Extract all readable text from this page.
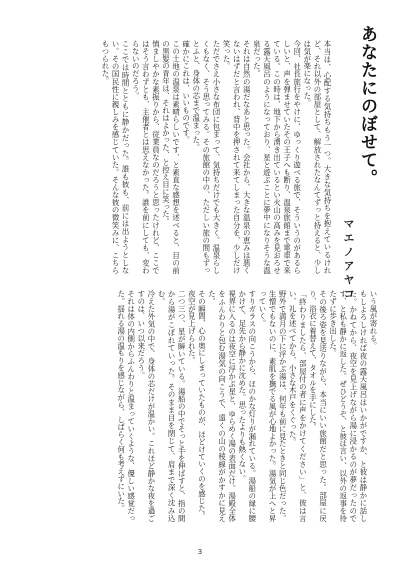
あなたにのぼせて。
マエノアヤコ

本当は、心配する気持ちもう一つ。大きな気持ちを抱えているけれど、それ以外の部屋として、解放されたなんてずっと持えると、少しは気が楽になった。

今回、社長旅行をやけに、ゆっくり遊べる旅で、そういうのがあるらしいと、声を弾ませていたその王子へも断り、温泉旅館まで電車で来ている。この時は、地下から湧き出ているとい火山の高みを見おろせる露天風呂のようになっており、星と遊ぶことに夢中になりそうな温泉だった。

それは自然の湯だなあと思った。会社から、大きな温泉の恵みは悪くないはずだと言われ、背中を押されて来てしまった自分を、少しだけ笑った。

ただでさえ小さな布団に包まって、気持ちだけでも大きく。温泉らしくもなく、そう思ってみる。その旅館の中の、ただしい旅の間もずっとふと、身体の芯まで温まった。

確かにこれは、いいものです。

この土地の温泉は素晴らしいです、と素直な感想を述べると、目の前の黒髪の青年は、それはよかった、と控え目に笑った。

慎ましやかな素振りから、従業員なのだろうと思ったけれど、ここではそう言わずとも、主催者とは思えなかった。誰を前にしても、変わらないのだろう。

ここでは時間とともに静かだった。誰も彼も、前には出ようとしない。その国民性に親しみを感じていた。そんな彼の微笑みに、こちらもつられた。

いう風が寄れる。

もしよろしければ夜の露天風呂はいかがですか、と彼は静かに話した。かねてから、夜空を見上げながら湯に浸かるのが夢だったのです、と私も静かに返した。ぜひどうぞ、と彼は言い、以外の返事を待たずに歩き出した。

その後ろ姿を見送りながら、本当にいい旅館だと思った。部屋に戻り、浴衣に着替えて、タオルを手にした。

「終わりましたら、部屋付の者に声をかけてください」と、彼は言い、礼を述べてから、小さな木戸をくぐった。

野外で満月の下に浮かぶ湯は、何年も前に見たときと同じ色だった。生憎でもないのに、素肌を撫でる風が心地よかった。湯気が上へと昇っていく。

すりガラスの向こうから、ほのかな灯りが漏れている。湯船の縁に腰かけて、足先から静かに沈めた。思ったよりも熱くない。

視界に入るのは夜空に浮かぶ星と、ゆらめく湯の表面だけ。湯殿全体をふんわりと包む湯気の向こうで、遠くの山の稜線がかすかに見えた。

その瞬間、心の奥にしまっていたものが、ほどけていくのを感じた。

夜空が見上げられた。

二つ三つ、星が瞬いている。湯船の中でそっと手を伸ばすと、指の間から湯がこぼれていった。そのまま目を閉じて、肩まで深く沈み込む。

冷えた外気の中で、身体の芯だけが温かい。これほど静かな夜を過ごすのは、いつ以来だろう。

それは体の内側からふんわりと温まっていくような、優しい感覚だった。揺れる湯の温もりを感じながら、しばらく何も考えずにいた。

3
